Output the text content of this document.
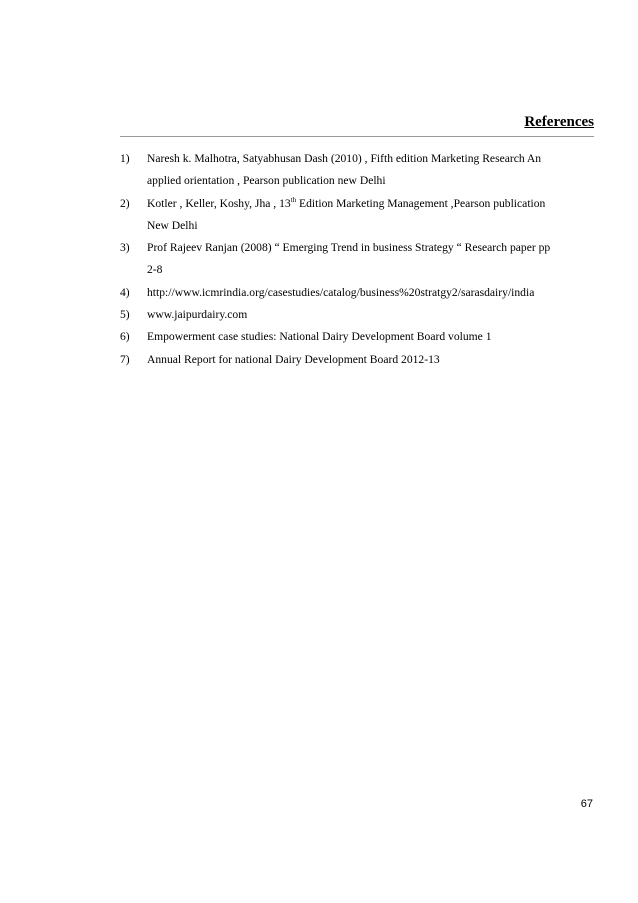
References
1)	Naresh k. Malhotra, Satyabhusan Dash (2010) , Fifth edition Marketing Research An
applied orientation , Pearson publication new Delhi
2)	Kotler , Keller, Koshy, Jha , 13th Edition Marketing Management ,Pearson publication
New Delhi
3)	Prof Rajeev Ranjan (2008) “ Emerging Trend in business Strategy “ Research paper pp
2-8
4)	http://www.icmrindia.org/casestudies/catalog/business%20stratgy2/sarasdairy/india
5)	www.jaipurdairy.com
6)	Empowerment case studies: National Dairy Development Board volume 1
7)	Annual Report for national Dairy Development Board 2012-13
67
